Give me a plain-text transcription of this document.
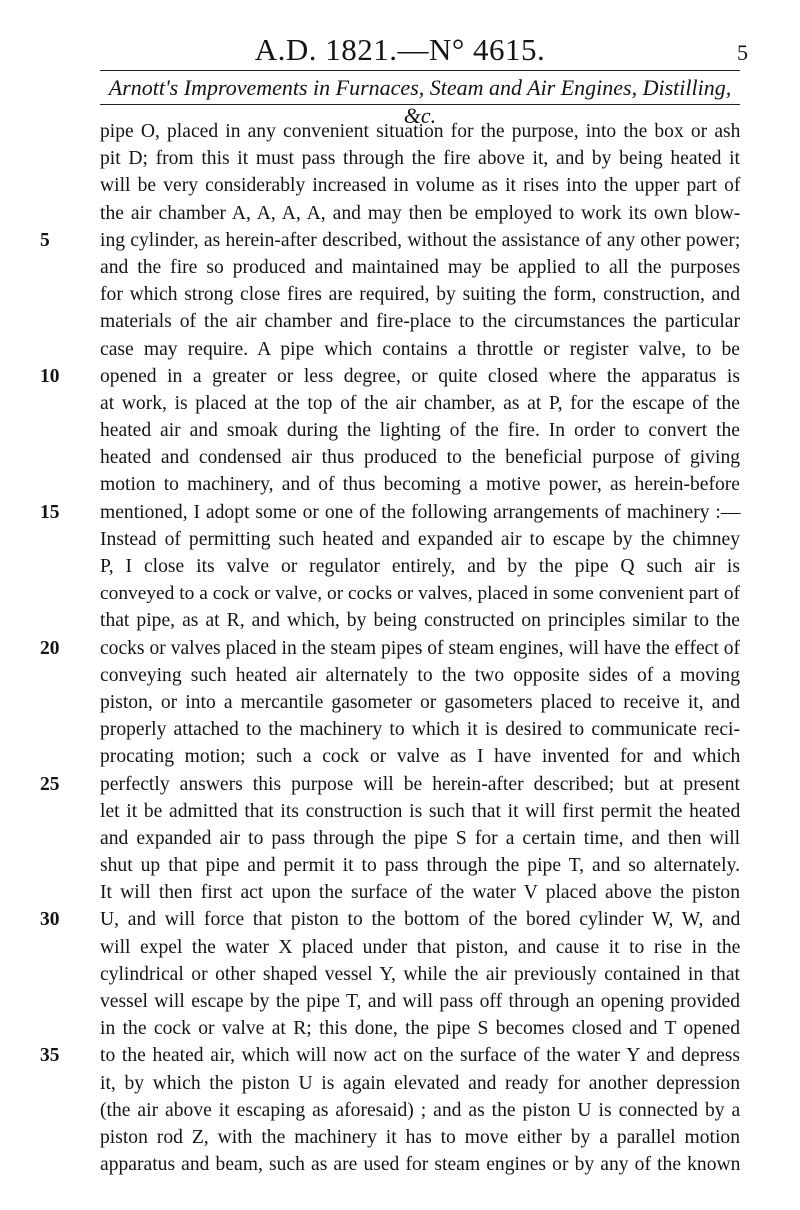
A.D. 1821.—N° 4615.	5
Arnott's Improvements in Furnaces, Steam and Air Engines, Distilling, &c.
pipe O, placed in any convenient situation for the purpose, into the box or ash
pit D; from this it must pass through the fire above it, and by being heated it
will be very considerably increased in volume as it rises into the upper part of
the air chamber A, A, A, A, and may then be employed to work its own blow-
5	ing cylinder, as herein-after described, without the assistance of any other power;
and the fire so produced and maintained may be applied to all the purposes
for which strong close fires are required, by suiting the form, construction, and
materials of the air chamber and fire-place to the circumstances the particular
case may require. A pipe which contains a throttle or register valve, to be
10	opened in a greater or less degree, or quite closed where the apparatus is
at work, is placed at the top of the air chamber, as at P, for the escape of the
heated air and smoak during the lighting of the fire. In order to convert the
heated and condensed air thus produced to the beneficial purpose of giving
motion to machinery, and of thus becoming a motive power, as herein-before
15	mentioned, I adopt some or one of the following arrangements of machinery :—
Instead of permitting such heated and expanded air to escape by the chimney
P, I close its valve or regulator entirely, and by the pipe Q such air is
conveyed to a cock or valve, or cocks or valves, placed in some convenient part of
that pipe, as at R, and which, by being constructed on principles similar to the
20	cocks or valves placed in the steam pipes of steam engines, will have the effect of
conveying such heated air alternately to the two opposite sides of a moving
piston, or into a mercantile gasometer or gasometers placed to receive it, and
properly attached to the machinery to which it is desired to communicate reci-
procating motion; such a cock or valve as I have invented for and which
25	perfectly answers this purpose will be herein-after described; but at present
let it be admitted that its construction is such that it will first permit the heated
and expanded air to pass through the pipe S for a certain time, and then will
shut up that pipe and permit it to pass through the pipe T, and so alternately.
It will then first act upon the surface of the water V placed above the piston
30	U, and will force that piston to the bottom of the bored cylinder W, W, and
will expel the water X placed under that piston, and cause it to rise in the
cylindrical or other shaped vessel Y, while the air previously contained in that
vessel will escape by the pipe T, and will pass off through an opening provided
in the cock or valve at R; this done, the pipe S becomes closed and T opened
35	to the heated air, which will now act on the surface of the water Y and depress
it, by which the piston U is again elevated and ready for another depression
(the air above it escaping as aforesaid) ; and as the piston U is connected by a
piston rod Z, with the machinery it has to move either by a parallel motion
apparatus and beam, such as are used for steam engines or by any of the known
